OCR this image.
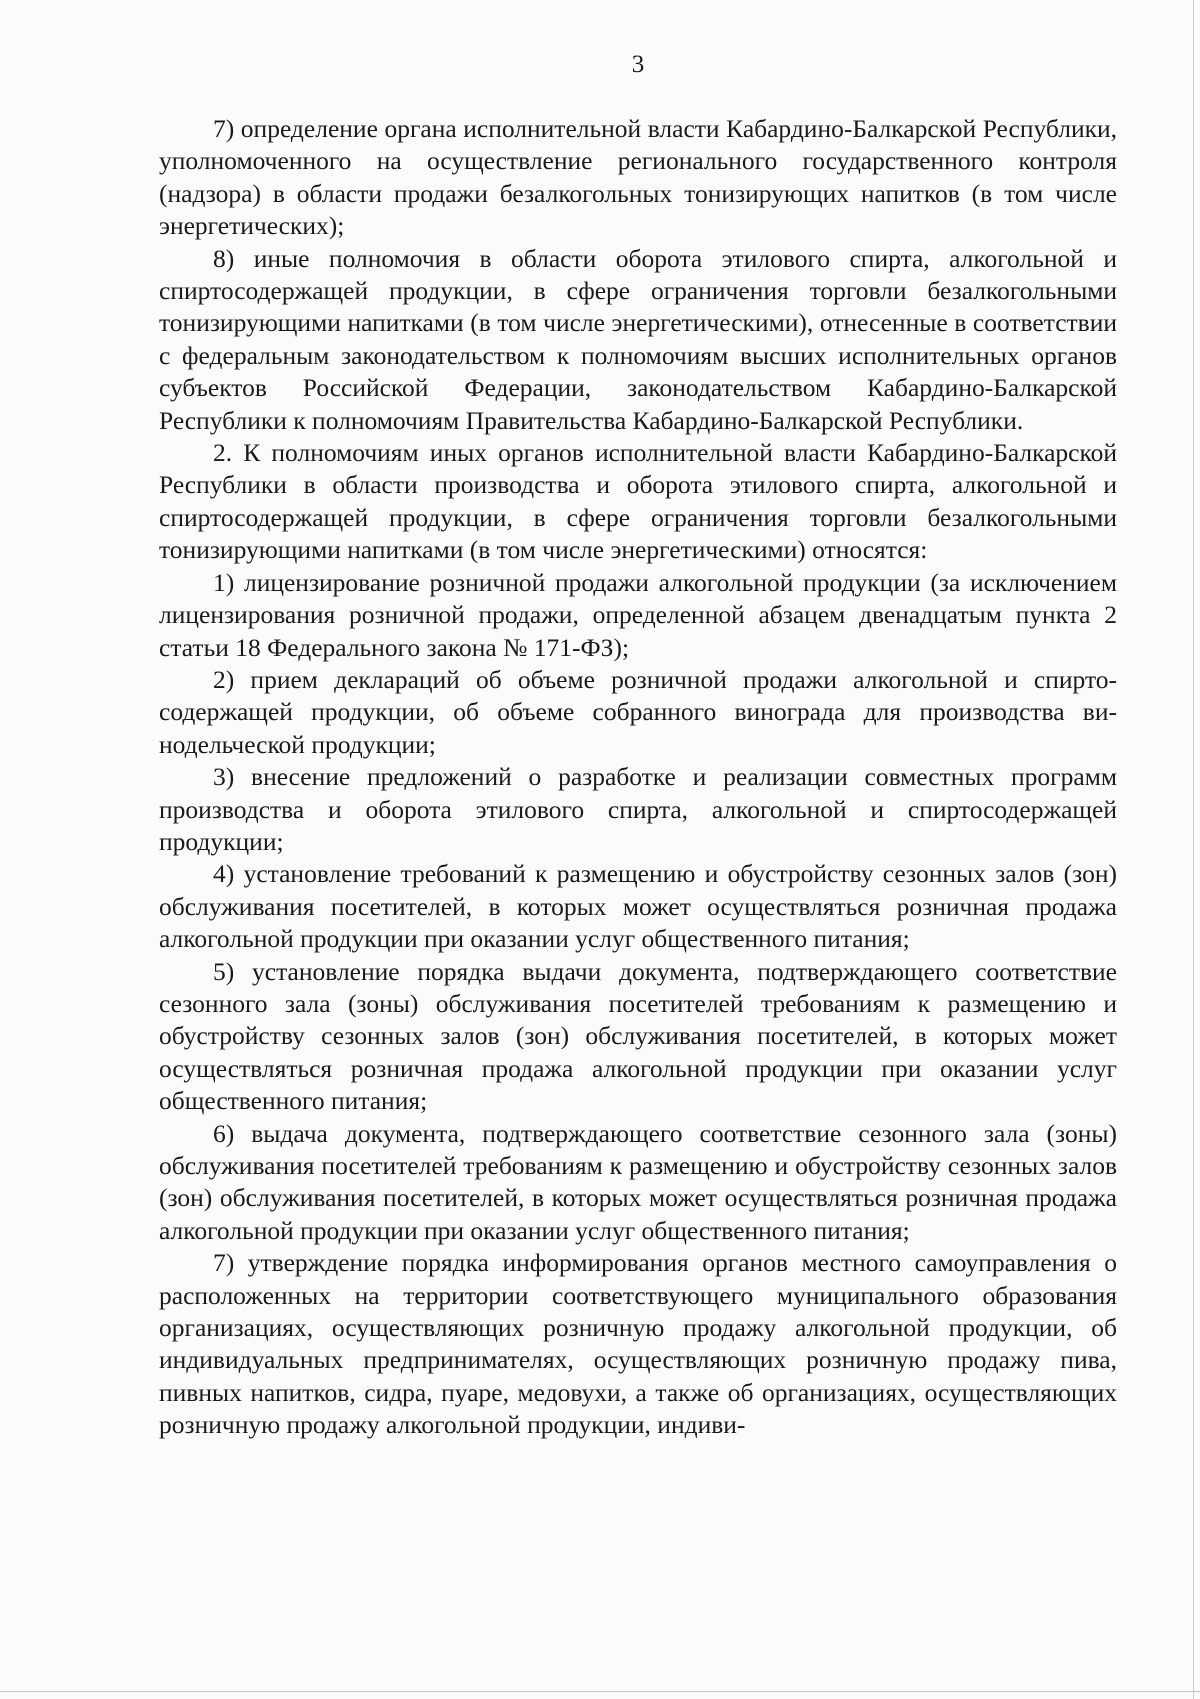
3

7) определение органа исполнительной власти Кабардино-Балкарской Республики, уполномоченного на осуществление регионального государственного контроля (надзора) в области продажи безалкогольных тонизирующих напитков (в том числе энергетических);

8) иные полномочия в области оборота этилового спирта, алкогольной и спиртосодержащей продукции, в сфере ограничения торговли безалкогольными тонизирующими напитками (в том числе энергетическими), отнесенные в соответствии с федеральным законодательством к полномочиям высших исполнительных органов субъектов Российской Федерации, законодательством Кабардино-Балкарской Республики к полномочиям Правительства Кабардино-Балкарской Республики.

2. К полномочиям иных органов исполнительной власти Кабардино-Балкарской Республики в области производства и оборота этилового спирта, алкогольной и спиртосодержащей продукции, в сфере ограничения торговли безалкогольными тонизирующими напитками (в том числе энергетическими) относятся:

1) лицензирование розничной продажи алкогольной продукции (за исключением лицензирования розничной продажи, определенной абзацем двенадцатым пункта 2 статьи 18 Федерального закона № 171-ФЗ);

2) прием деклараций об объеме розничной продажи алкогольной и спиртосодержащей продукции, об объеме собранного винограда для производства винодельческой продукции;

3) внесение предложений о разработке и реализации совместных программ производства и оборота этилового спирта, алкогольной и спиртосодержащей продукции;

4) установление требований к размещению и обустройству сезонных залов (зон) обслуживания посетителей, в которых может осуществляться розничная продажа алкогольной продукции при оказании услуг общественного питания;

5) установление порядка выдачи документа, подтверждающего соответствие сезонного зала (зоны) обслуживания посетителей требованиям к размещению и обустройству сезонных залов (зон) обслуживания посетителей, в которых может осуществляться розничная продажа алкогольной продукции при оказании услуг общественного питания;

6) выдача документа, подтверждающего соответствие сезонного зала (зоны) обслуживания посетителей требованиям к размещению и обустройству сезонных залов (зон) обслуживания посетителей, в которых может осуществляться розничная продажа алкогольной продукции при оказании услуг общественного питания;

7) утверждение порядка информирования органов местного самоуправления о расположенных на территории соответствующего муниципального образования организациях, осуществляющих розничную продажу алкогольной продукции, об индивидуальных предпринимателях, осуществляющих розничную продажу пива, пивных напитков, сидра, пуаре, медовухи, а также об организациях, осуществляющих розничную продажу алкогольной продукции, индиви-
